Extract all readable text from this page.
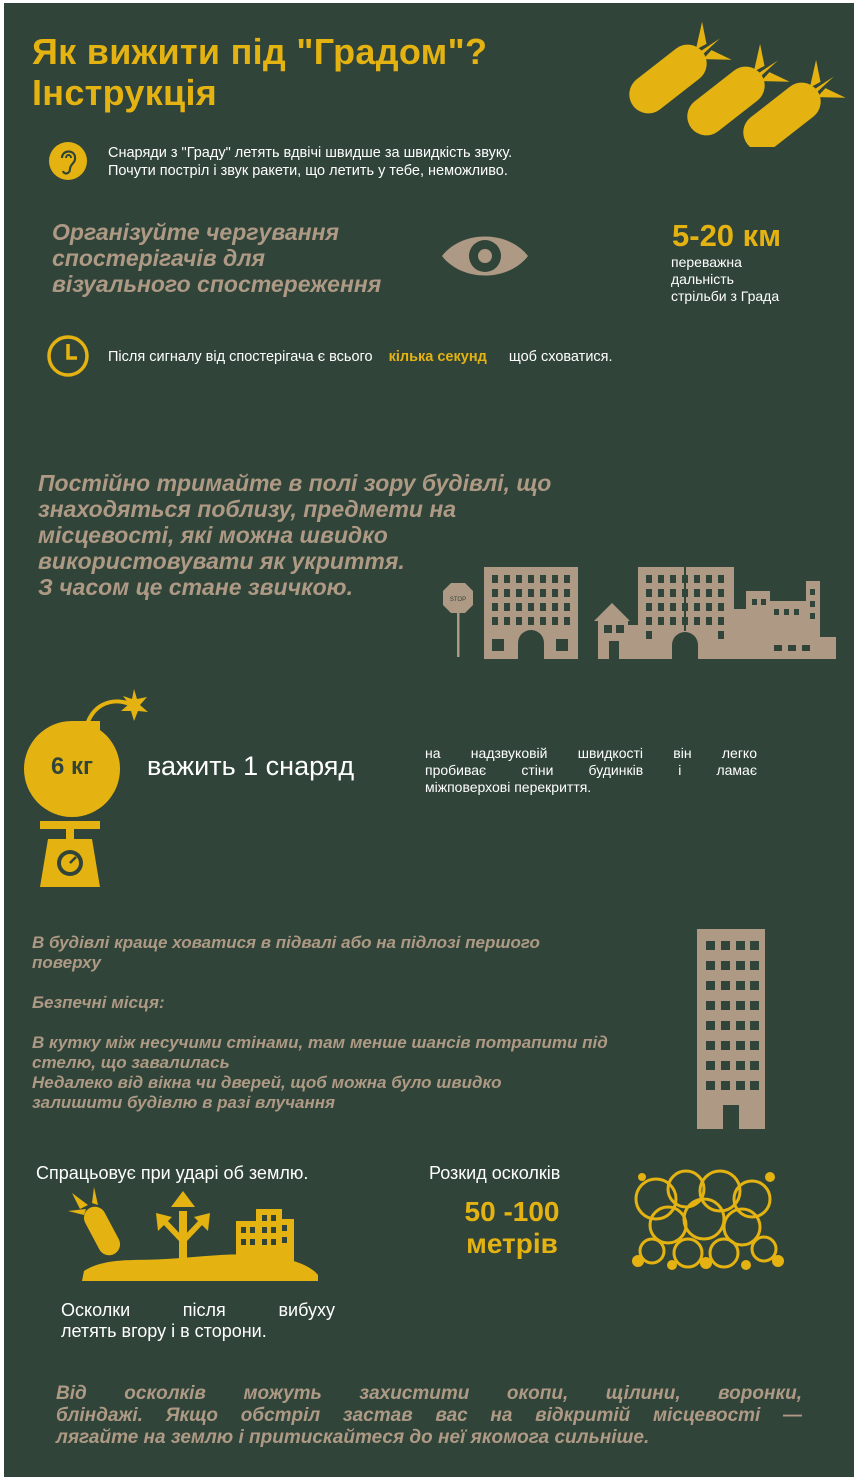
Як вижити під "Градом"?
Інструкція
Снаряди з "Граду" летять вдвічі швидше за швидкість звуку.
Почути постріл і звук ракети, що летить у тебе, неможливо.
Організуйте чергування
спостерігачів для
візуального спостереження
5-20 км
переважна
дальність
стрільби з Града
Після сигналу від спостерігача є всього кілька секунд щоб сховатися.
Постійно тримайте в полі зору будівлі, що
знаходяться поблизу, предмети на
місцевості, які можна швидко
використовувати як укриття.
З часом це стане звичкою.	STOP
6 кг	важить 1 снаряд	на надзвуковій швидкості він легко
пробиває стіни будинків і ламає
міжповерхові перекриття.
В будівлі краще ховатися в підвалі або на підлозі першого
поверху
Безпечні місця:
В кутку між несучими стінами, там менше шансів потрапити під
стелю, що завалилась
Недалеко від вікна чи дверей, щоб можна було швидко
залишити будівлю в разі влучання
Спрацьовує при ударі об землю.
Осколки після вибуху
летять вгору і в сторони.
Розкид осколків
50 -100
метрів
Від осколків можуть захистити окопи, щілини, воронки,
бліндажі. Якщо обстріл застав вас на відкритій місцевості —
лягайте на землю і притискайтеся до неї якомога сильніше.
